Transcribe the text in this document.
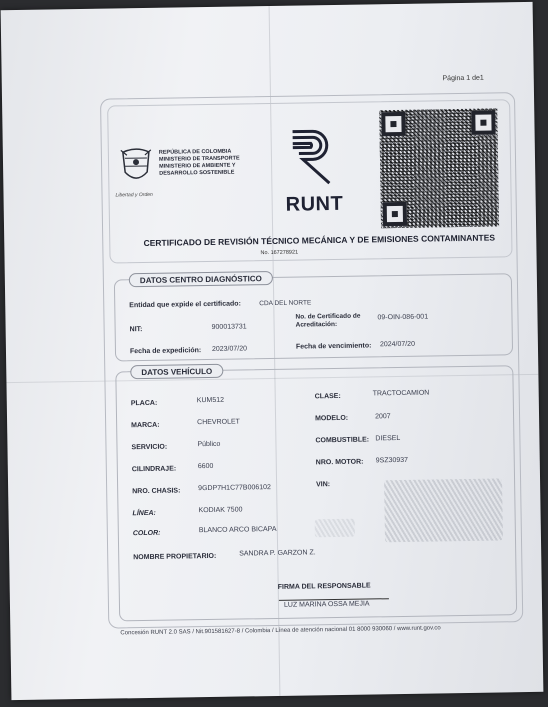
Página 1 de1
Libertad y Orden
REPÚBLICA DE COLOMBIA
MINISTERIO DE TRANSPORTE
MINISTERIO DE AMBIENTE Y
DESARROLLO SOSTENIBLE
RUNT
CERTIFICADO DE REVISIÓN TÉCNICO MECÁNICA Y DE EMISIONES CONTAMINANTES
No. 167278921
DATOS CENTRO DIAGNÓSTICO
Entidad que expide el certificado:	CDA DEL NORTE
NIT:	900013731
No. de Certificado de Acreditación:
09-OIN-086-001
Fecha de expedición: 2023/07/20	Fecha de vencimiento: 2024/07/20
DATOS VEHÍCULO
PLACA:	KUM512
CLASE:	TRACTOCAMION
MARCA:	CHEVROLET	MODELO:	2007
SERVICIO:	Público
COMBUSTIBLE: DIESEL
CILINDRAJE:	6600
NRO. MOTOR: 9SZ30937
NRO. CHASIS:	9GDP7H1C77B006102	VIN:
LÍNEA:	KODIAK 7500
COLOR:	BLANCO ARCO BICAPA
NOMBRE PROPIETARIO:	SANDRA P. GARZON Z.
FIRMA DEL RESPONSABLE
LUZ MARINA OSSA MEJIA
Concesión RUNT 2.0 SAS / Nit.901581627-8 / Colombia / Línea de atención nacional 01 8000 930060 / www.runt.gov.co
